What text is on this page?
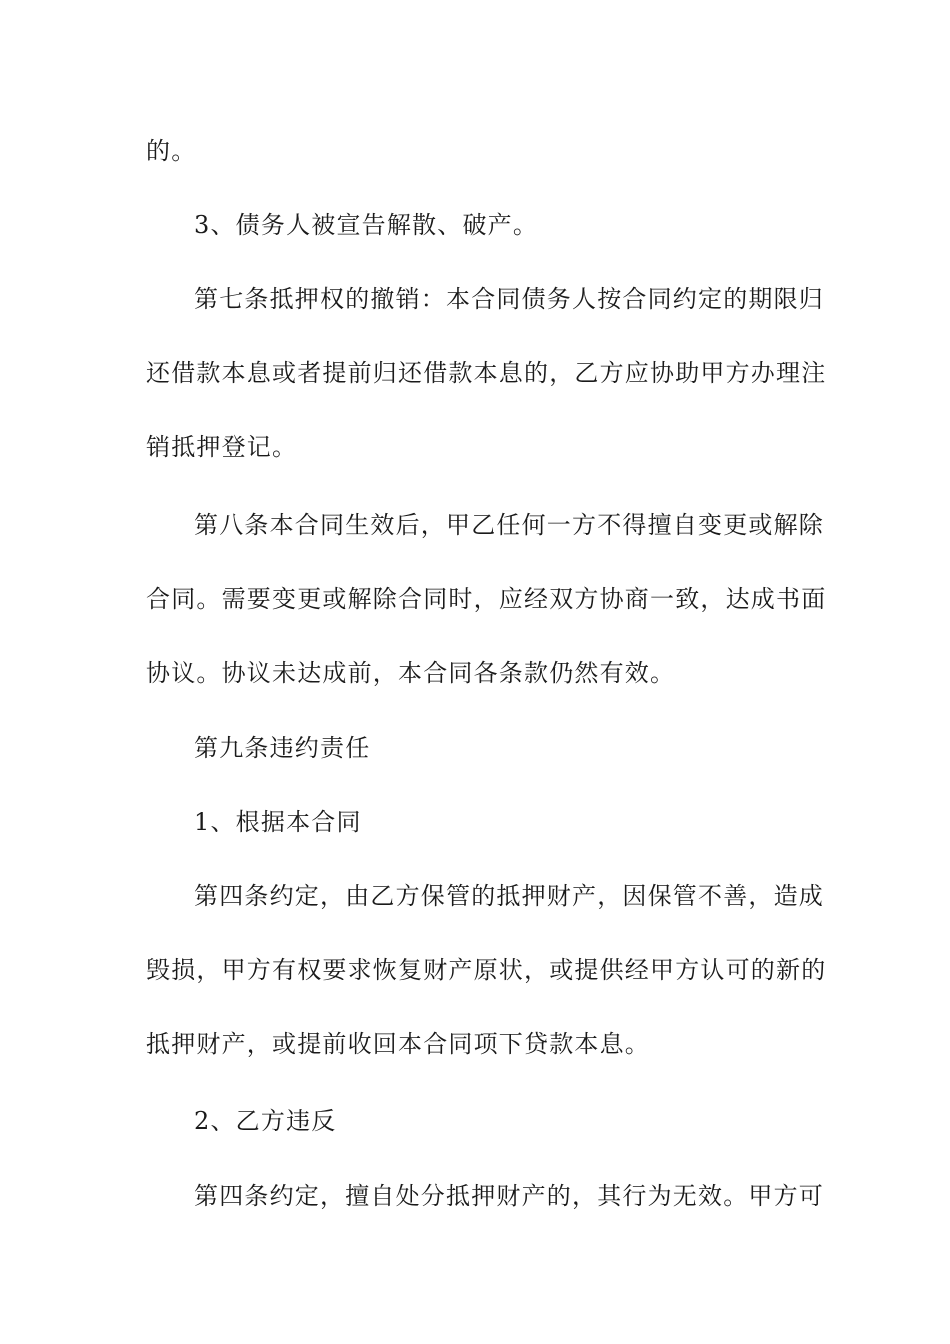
的。
3、债务人被宣告解散、破产。
第七条抵押权的撤销：本合同债务人按合同约定的期限归
还借款本息或者提前归还借款本息的，乙方应协助甲方办理注
销抵押登记。
第八条本合同生效后，甲乙任何一方不得擅自变更或解除
合同。需要变更或解除合同时，应经双方协商一致，达成书面
协议。协议未达成前，本合同各条款仍然有效。
第九条违约责任
1、根据本合同
第四条约定，由乙方保管的抵押财产，因保管不善，造成
毁损，甲方有权要求恢复财产原状，或提供经甲方认可的新的
抵押财产，或提前收回本合同项下贷款本息。
2、乙方违反
第四条约定，擅自处分抵押财产的，其行为无效。甲方可
